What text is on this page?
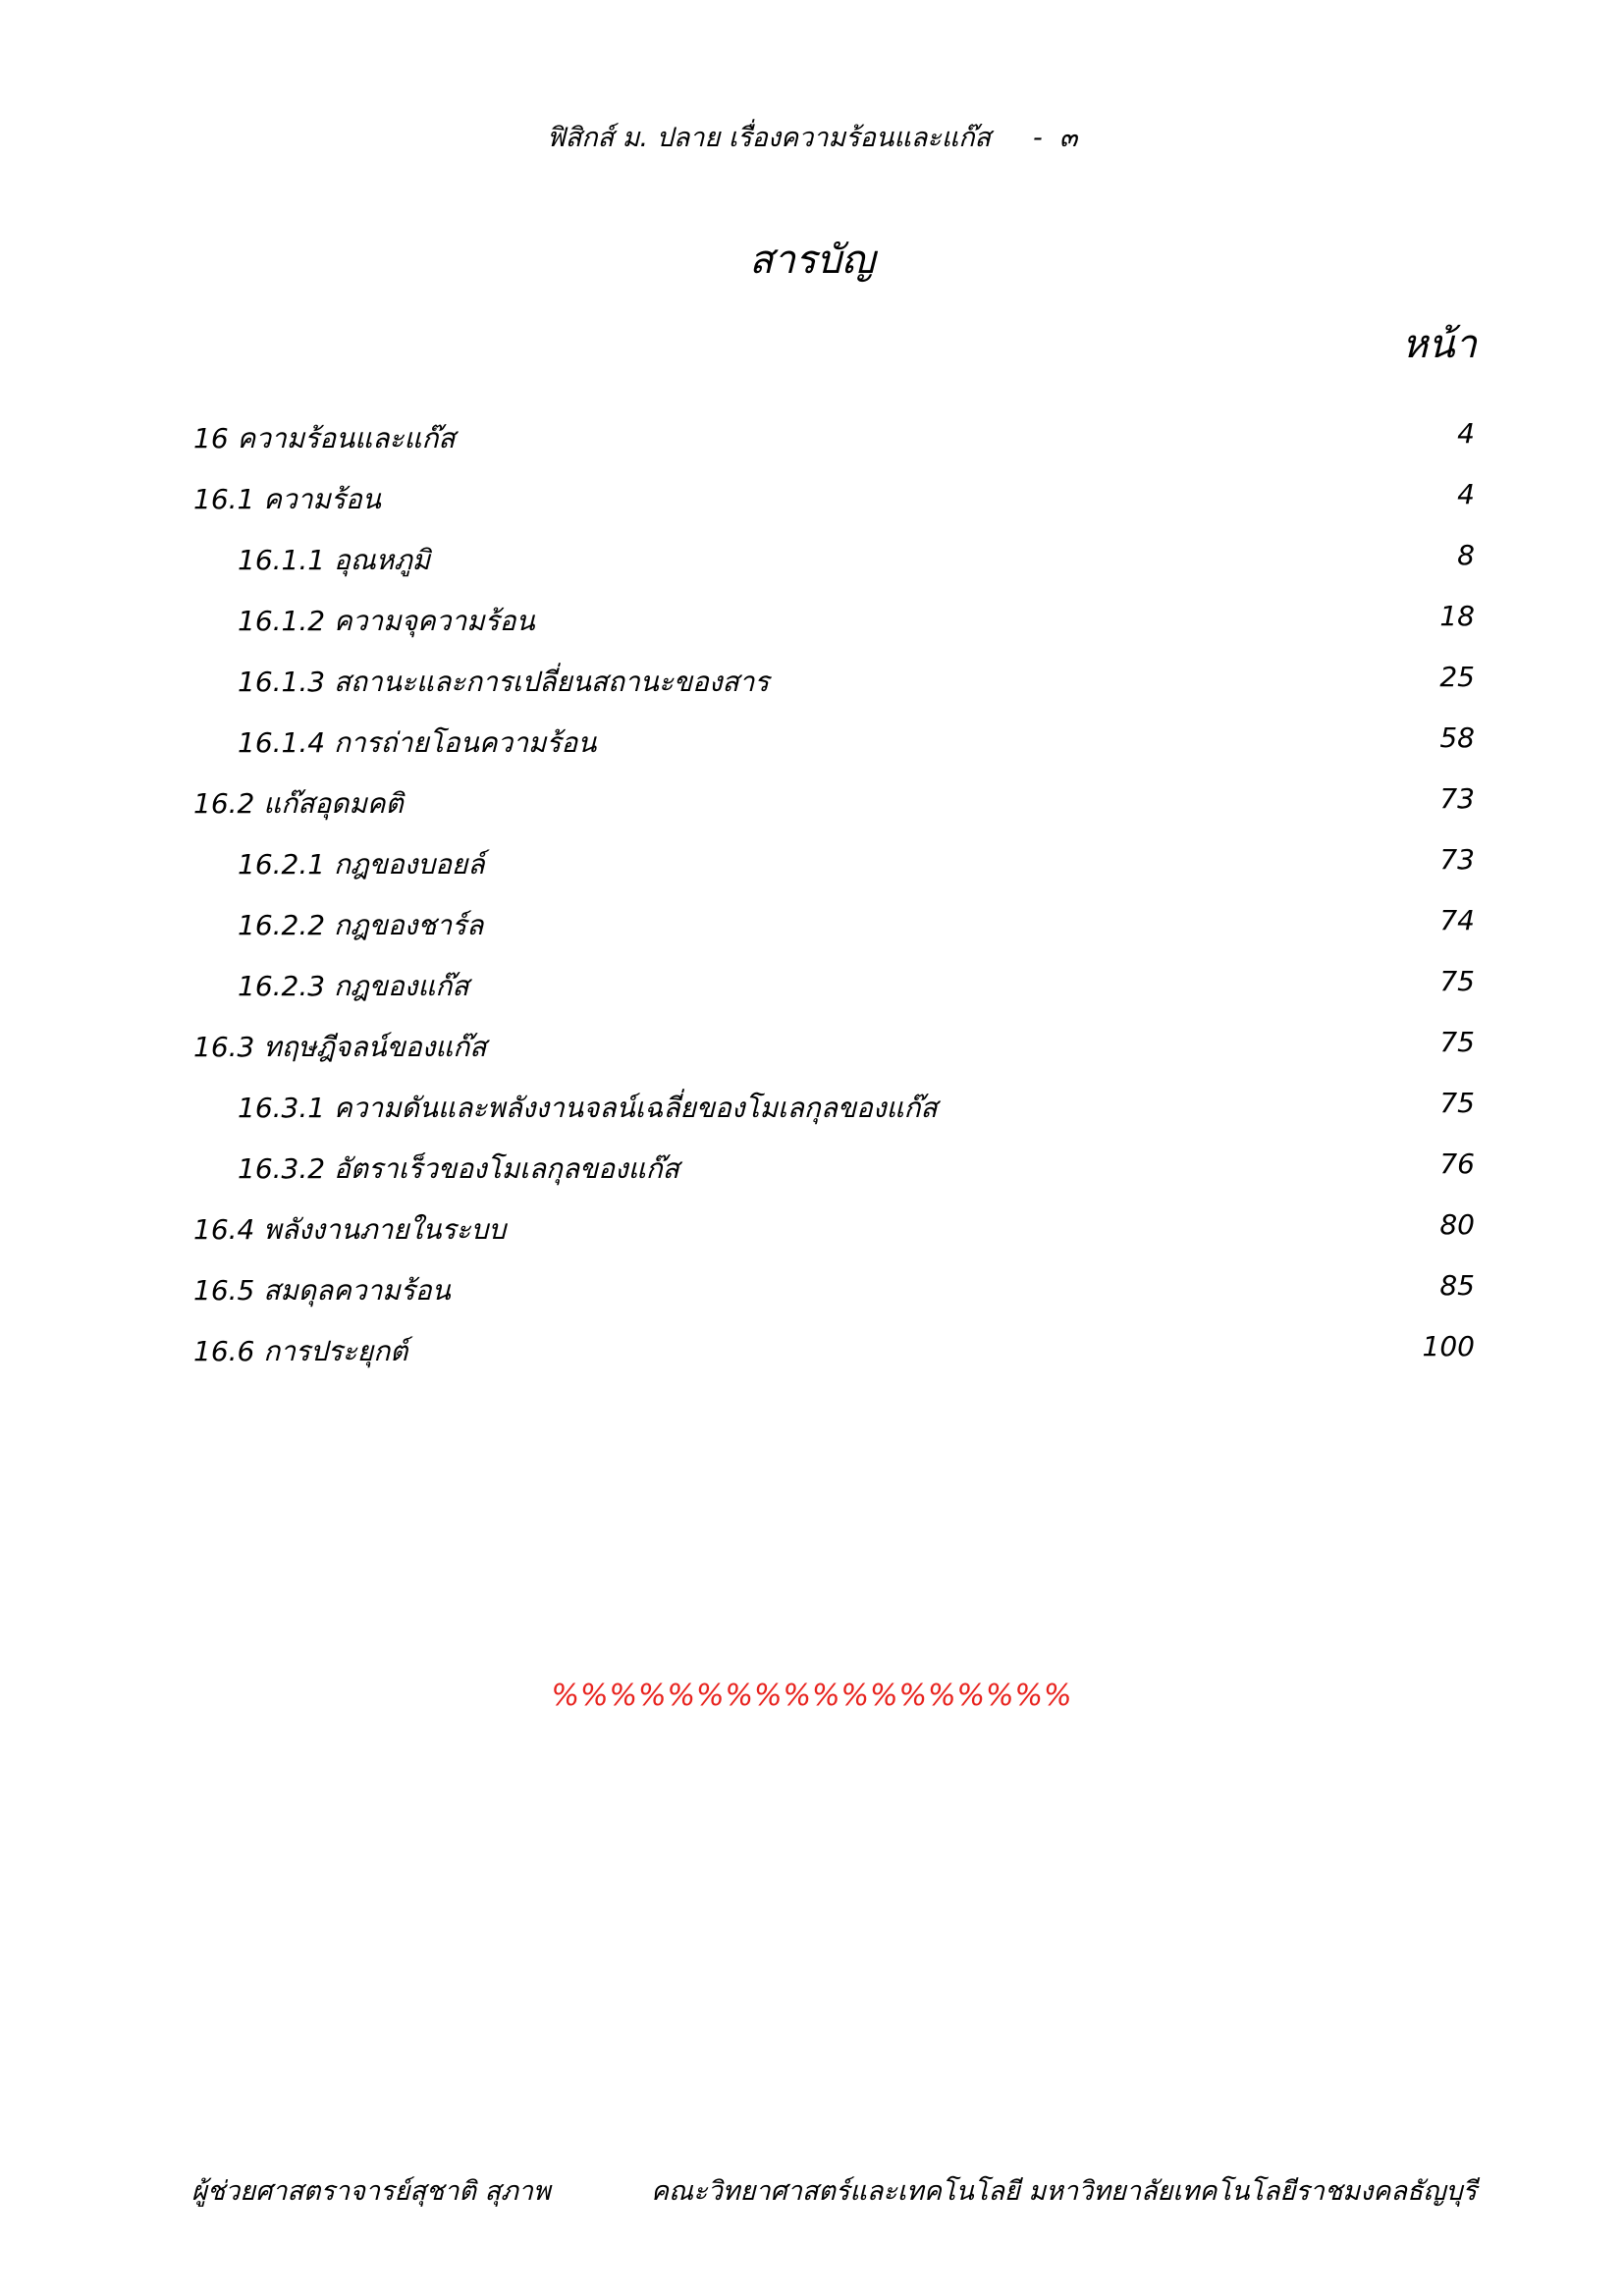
ฟิสิกส์ ม. ปลาย เรื่องความร้อนและแก๊ส     -  ๓
สารบัญ
หน้า
16 ความร้อนและแก๊ส	4
16.1 ความร้อน	4
16.1.1 อุณหภูมิ	8
16.1.2 ความจุความร้อน	18
16.1.3 สถานะและการเปลี่ยนสถานะของสาร	25
16.1.4 การถ่ายโอนความร้อน	58
16.2 แก๊สอุดมคติ	73
16.2.1 กฎของบอยล์	73
16.2.2 กฎของชาร์ล	74
16.2.3 กฎของแก๊ส	75
16.3 ทฤษฎีจลน์ของแก๊ส	75
16.3.1 ความดันและพลังงานจลน์เฉลี่ยของโมเลกุลของแก๊ส	75
16.3.2 อัตราเร็วของโมเลกุลของแก๊ส	76
16.4 พลังงานภายในระบบ	80
16.5 สมดุลความร้อน	85
16.6 การประยุกต์	100
%%%%%%%%%%%%%%%%%%
ผู้ช่วยศาสตราจารย์สุชาติ สุภาพ	คณะวิทยาศาสตร์และเทคโนโลยี มหาวิทยาลัยเทคโนโลยีราชมงคลธัญบุรี
